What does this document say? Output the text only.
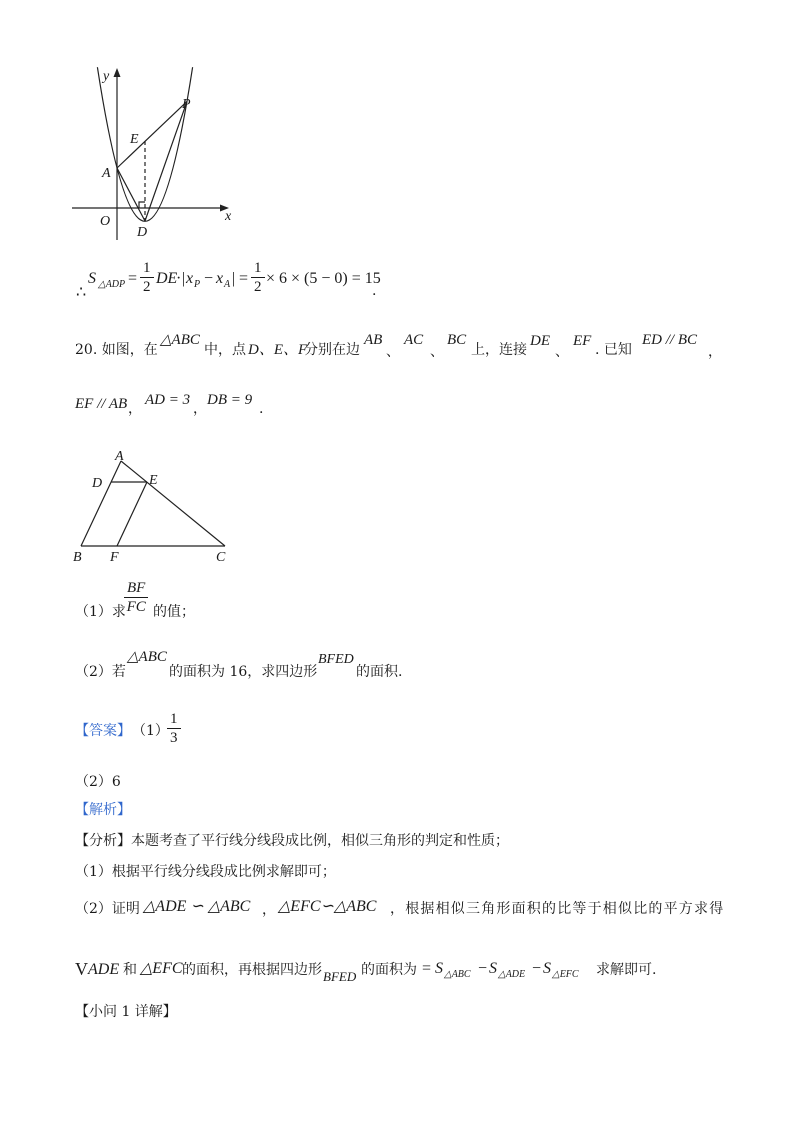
y
x
O
D
A
E
P
∴
S △ADP = $\frac{1}{2}$ DE
· | x P − x A | = $\frac{1}{2} \times 6 \times (5 - 0) = 15$
.
20. 如图，在
△ABC
中，点 D、E、F
分别在边
AB
、
AC
、
BC
上，连接
DE
、
EF
. 已知
ED // BC
，
EF // AB ，
AD = 3
，
DB = 9
.
A
D	E
B F	C
（1）求
$\frac{BF}{FC}$ 的值；
（2）若
△ABC
的面积为 16，求四边形
BFED
的面积.
【答案】 （1）
$\frac{1}{3}$
（2）6
【解析】
【分析】本题考查了平行线分线段成比例，相似三角形的判定和性质；
（1）根据平行线分线段成比例求解即可；
（2）证明 △ADE ∽ △ABC ， △EFC∽△ABC ，根据相似三角形面积的比等于相似比的平方求得
V ADE 和 △EFC 的面积，再根据四边形 BFED 的面积为 = S △ABC − S △ADE − S △EFC 求解即可.
【小问 1 详解】
